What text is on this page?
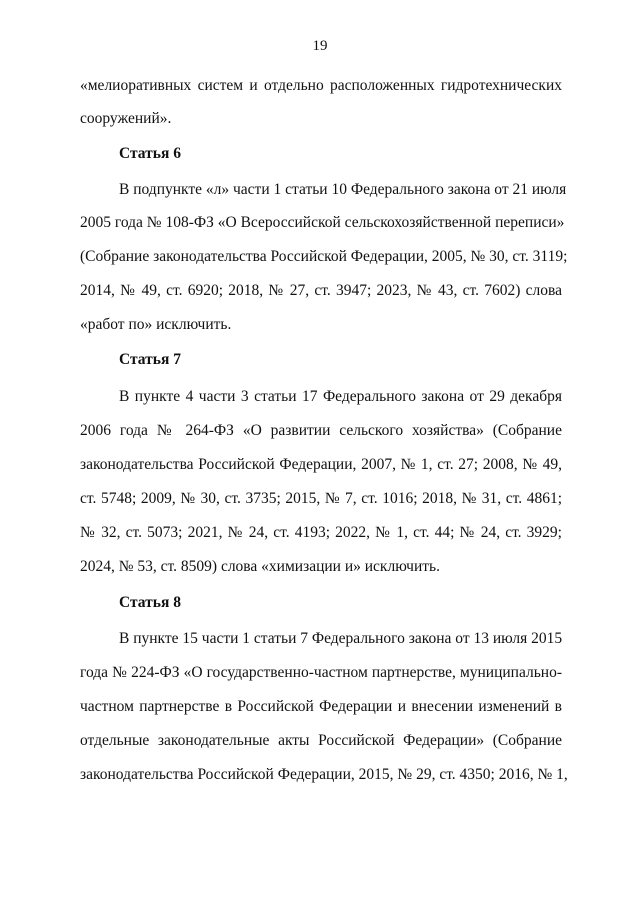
19
«мелиоративных систем и отдельно расположенных гидротехнических
сооружений».
Статья 6
В подпункте «л» части 1 статьи 10 Федерального закона от 21 июля
2005 года № 108-ФЗ «О Всероссийской сельскохозяйственной переписи»
(Собрание законодательства Российской Федерации, 2005, № 30, ст. 3119;
2014, № 49, ст. 6920; 2018, № 27, ст. 3947; 2023, № 43, ст. 7602) слова
«работ по» исключить.
Статья 7
В пункте 4 части 3 статьи 17 Федерального закона от 29 декабря
2006 года № 264-ФЗ «О развитии сельского хозяйства» (Собрание
законодательства Российской Федерации, 2007, № 1, ст. 27; 2008, № 49,
ст. 5748; 2009, № 30, ст. 3735; 2015, № 7, ст. 1016; 2018, № 31, ст. 4861;
№ 32, ст. 5073; 2021, № 24, ст. 4193; 2022, № 1, ст. 44; № 24, ст. 3929;
2024, № 53, ст. 8509) слова «химизации и» исключить.
Статья 8
В пункте 15 части 1 статьи 7 Федерального закона от 13 июля 2015
года № 224-ФЗ «О государственно-частном партнерстве, муниципально-
частном партнерстве в Российской Федерации и внесении изменений в
отдельные законодательные акты Российской Федерации» (Собрание
законодательства Российской Федерации, 2015, № 29, ст. 4350; 2016, № 1,
